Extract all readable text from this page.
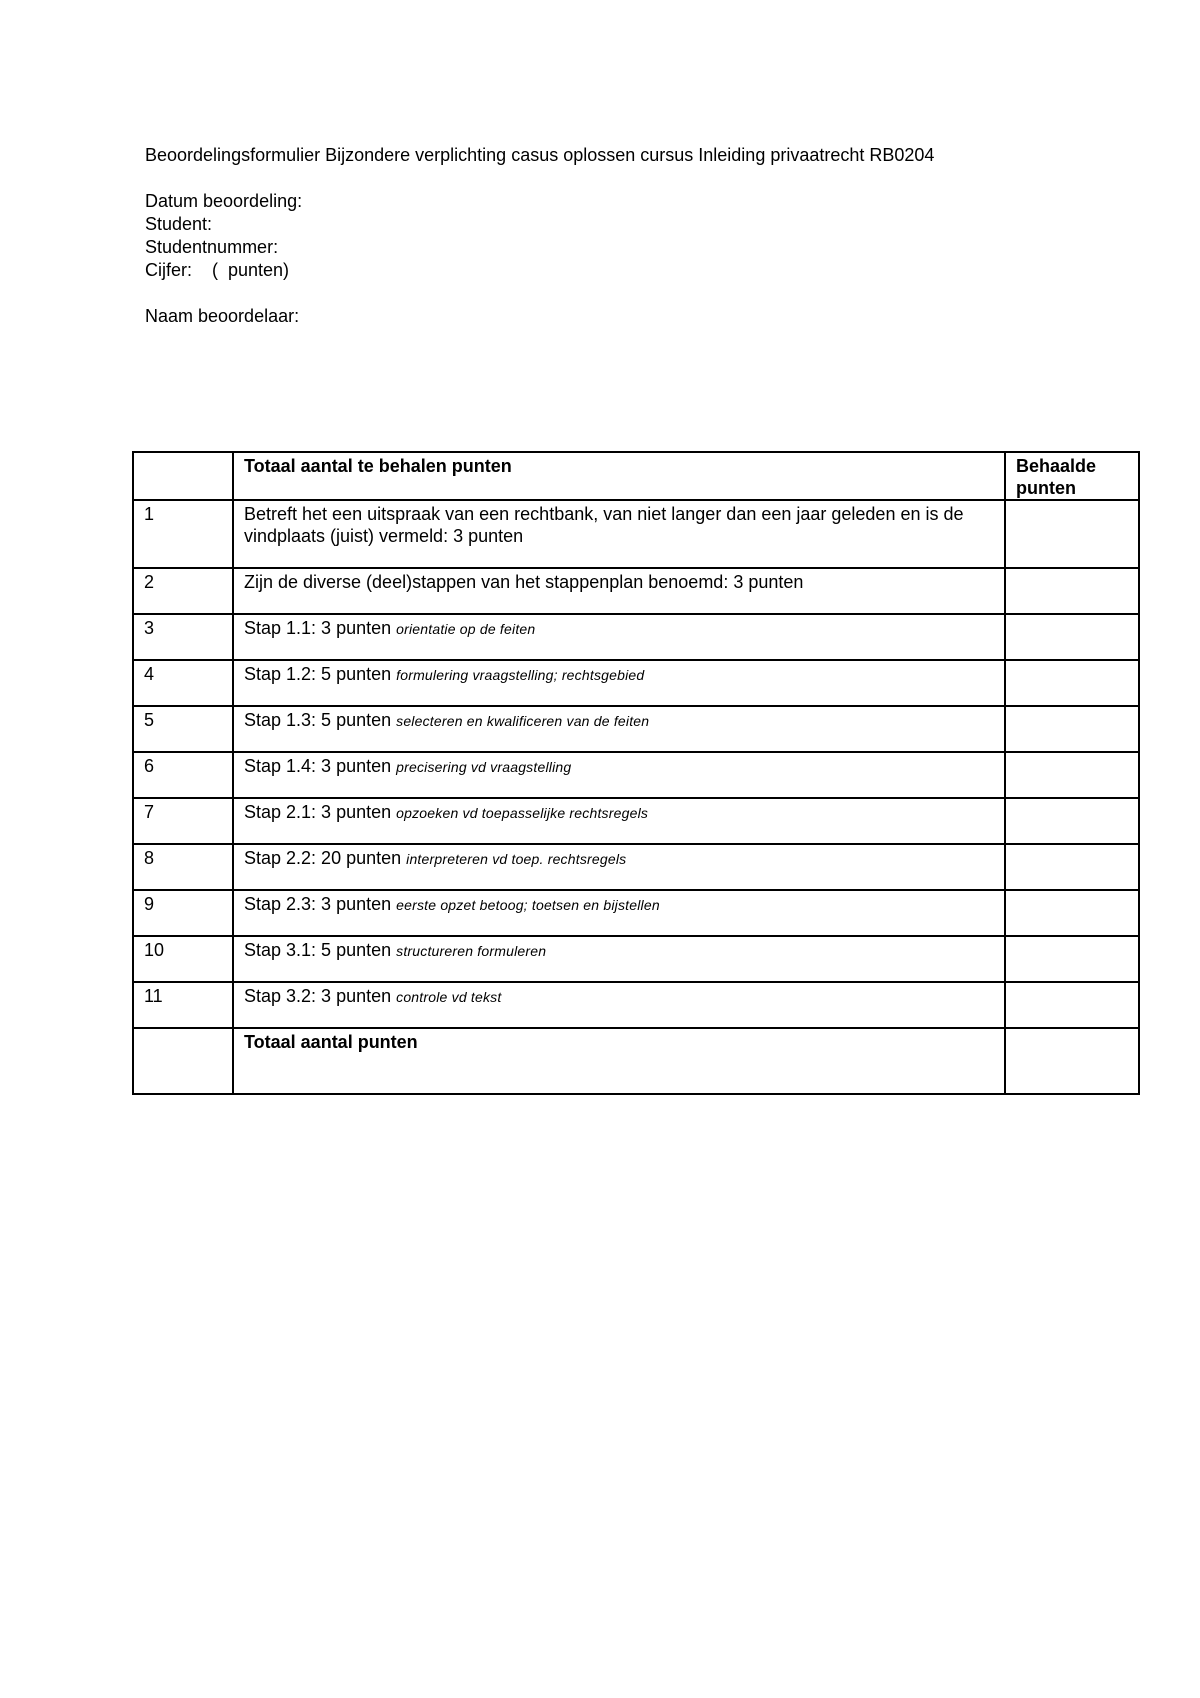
Beoordelingsformulier Bijzondere verplichting casus oplossen cursus Inleiding privaatrecht RB0204
Datum beoordeling:
Student:
Studentnummer:
Cijfer:    (  punten)
Naam beoordelaar:
	Totaal aantal te behalen punten	Behaalde punten
1	Betreft het een uitspraak van een rechtbank, van niet langer dan een jaar geleden en is de vindplaats (juist) vermeld: 3 punten	
2	Zijn de diverse (deel)stappen van het stappenplan benoemd: 3 punten	
3	Stap 1.1: 3 punten orientatie op de feiten	
4	Stap 1.2: 5 punten formulering vraagstelling; rechtsgebied	
5	Stap 1.3: 5 punten selecteren en kwalificeren van de feiten	
6	Stap 1.4: 3 punten precisering vd vraagstelling	
7	Stap 2.1: 3 punten opzoeken vd toepasselijke rechtsregels	
8	Stap 2.2: 20 punten interpreteren vd toep. rechtsregels	
9	Stap 2.3: 3 punten eerste opzet betoog; toetsen en bijstellen	
10	Stap 3.1: 5 punten structureren formuleren	
11	Stap 3.2: 3 punten controle vd tekst	
	Totaal aantal punten	
